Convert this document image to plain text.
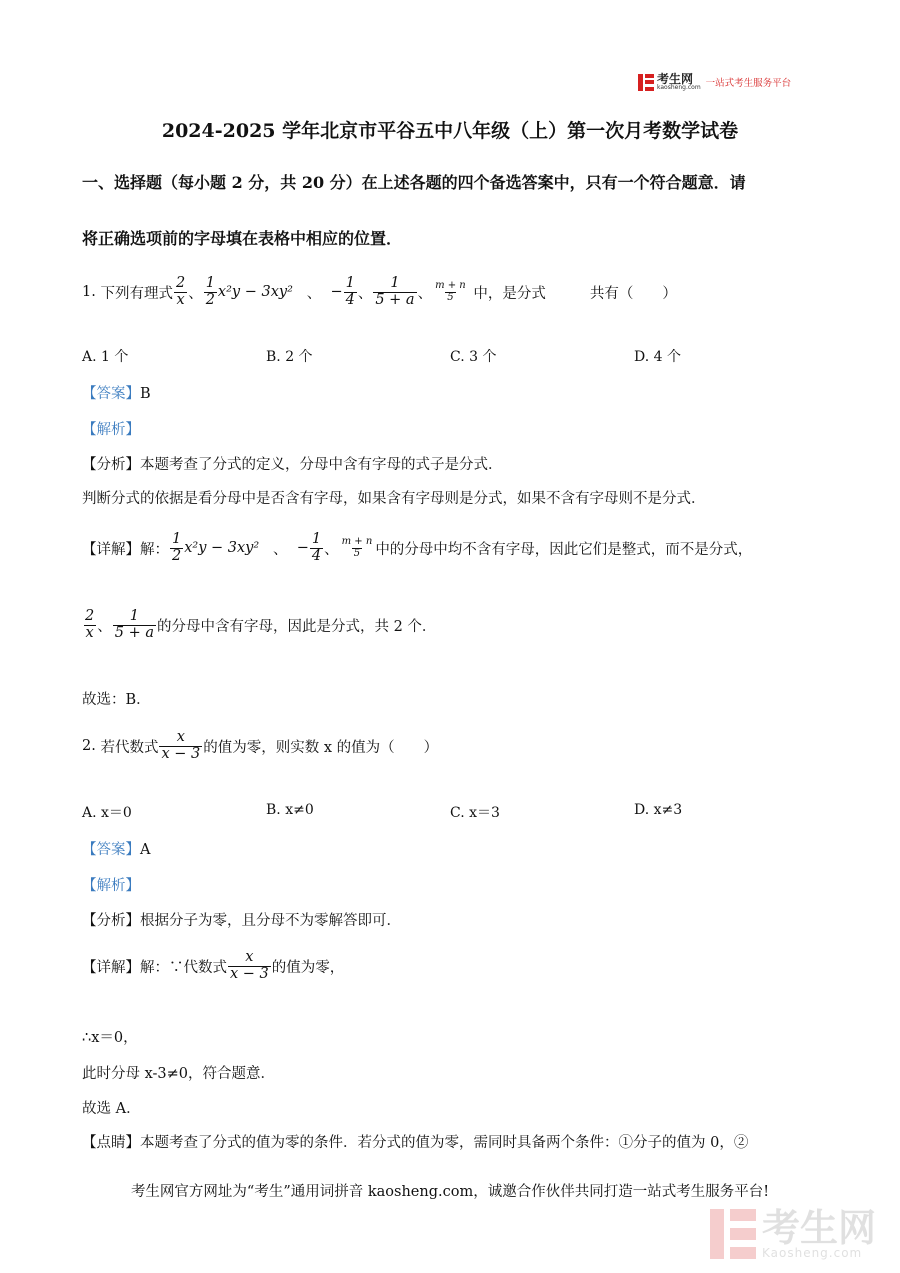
考生网
kaosheng.com 一站式考生服务平台
2024-2025 学年北京市平谷五中八年级（上）第一次月考数学试卷
一、选择题（每小题 2 分，共 20 分）在上述各题的四个备选答案中，只有一个符合题意．请
将正确选项前的字母填在表格中相应的位置．
1.
下列有理式 $\frac{2}{x}$ 、 $\frac{1}{2} x^2y - 3xy^2$
、
− $\frac{1}{4}$ 、 $\frac{1}{5 + a}$ 、 $\frac{m + n}{5}$
中，是分式	共有（　　）
A. 1 个	B. 2 个	C. 3 个	D. 4 个
【答案】B
【解析】
【分析】本题考查了分式的定义，分母中含有字母的式子是分式．
判断分式的依据是看分母中是否含有字母，如果含有字母则是分式，如果不含有字母则不是分式．
【详解】解： $\frac{1}{2} x^2y - 3xy^2$
、
− $\frac{1}{4}$ 、 $\frac{m + n}{5}$ 中的分母中均不含有字母，因此它们是整式，而不是分式，
$\frac{2}{x}$ 、 $\frac{1}{5 + a}$ 的分母中含有字母，因此是分式，共 2 个．
故选：B．
2.
若代数式 $\frac{x}{x - 3}$ 的值为零，则实数 x 的值为（　　）
A. x＝0	B. x≠0	C. x＝3	D. x≠3
【答案】A
【解析】
【分析】根据分子为零，且分母不为零解答即可．
【详解】解：∵代数式 $\frac{x}{x - 3}$ 的值为零，
∴x＝0，
此时分母 x-3≠0，符合题意．
故选 A．
【点睛】本题考查了分式的值为零的条件．若分式的值为零，需同时具备两个条件：①分子的值为 0，②
考生网官方网址为“考生”通用词拼音 kaosheng.com，诚邀合作伙伴共同打造一站式考生服务平台!
考生网
Kaosheng.com
